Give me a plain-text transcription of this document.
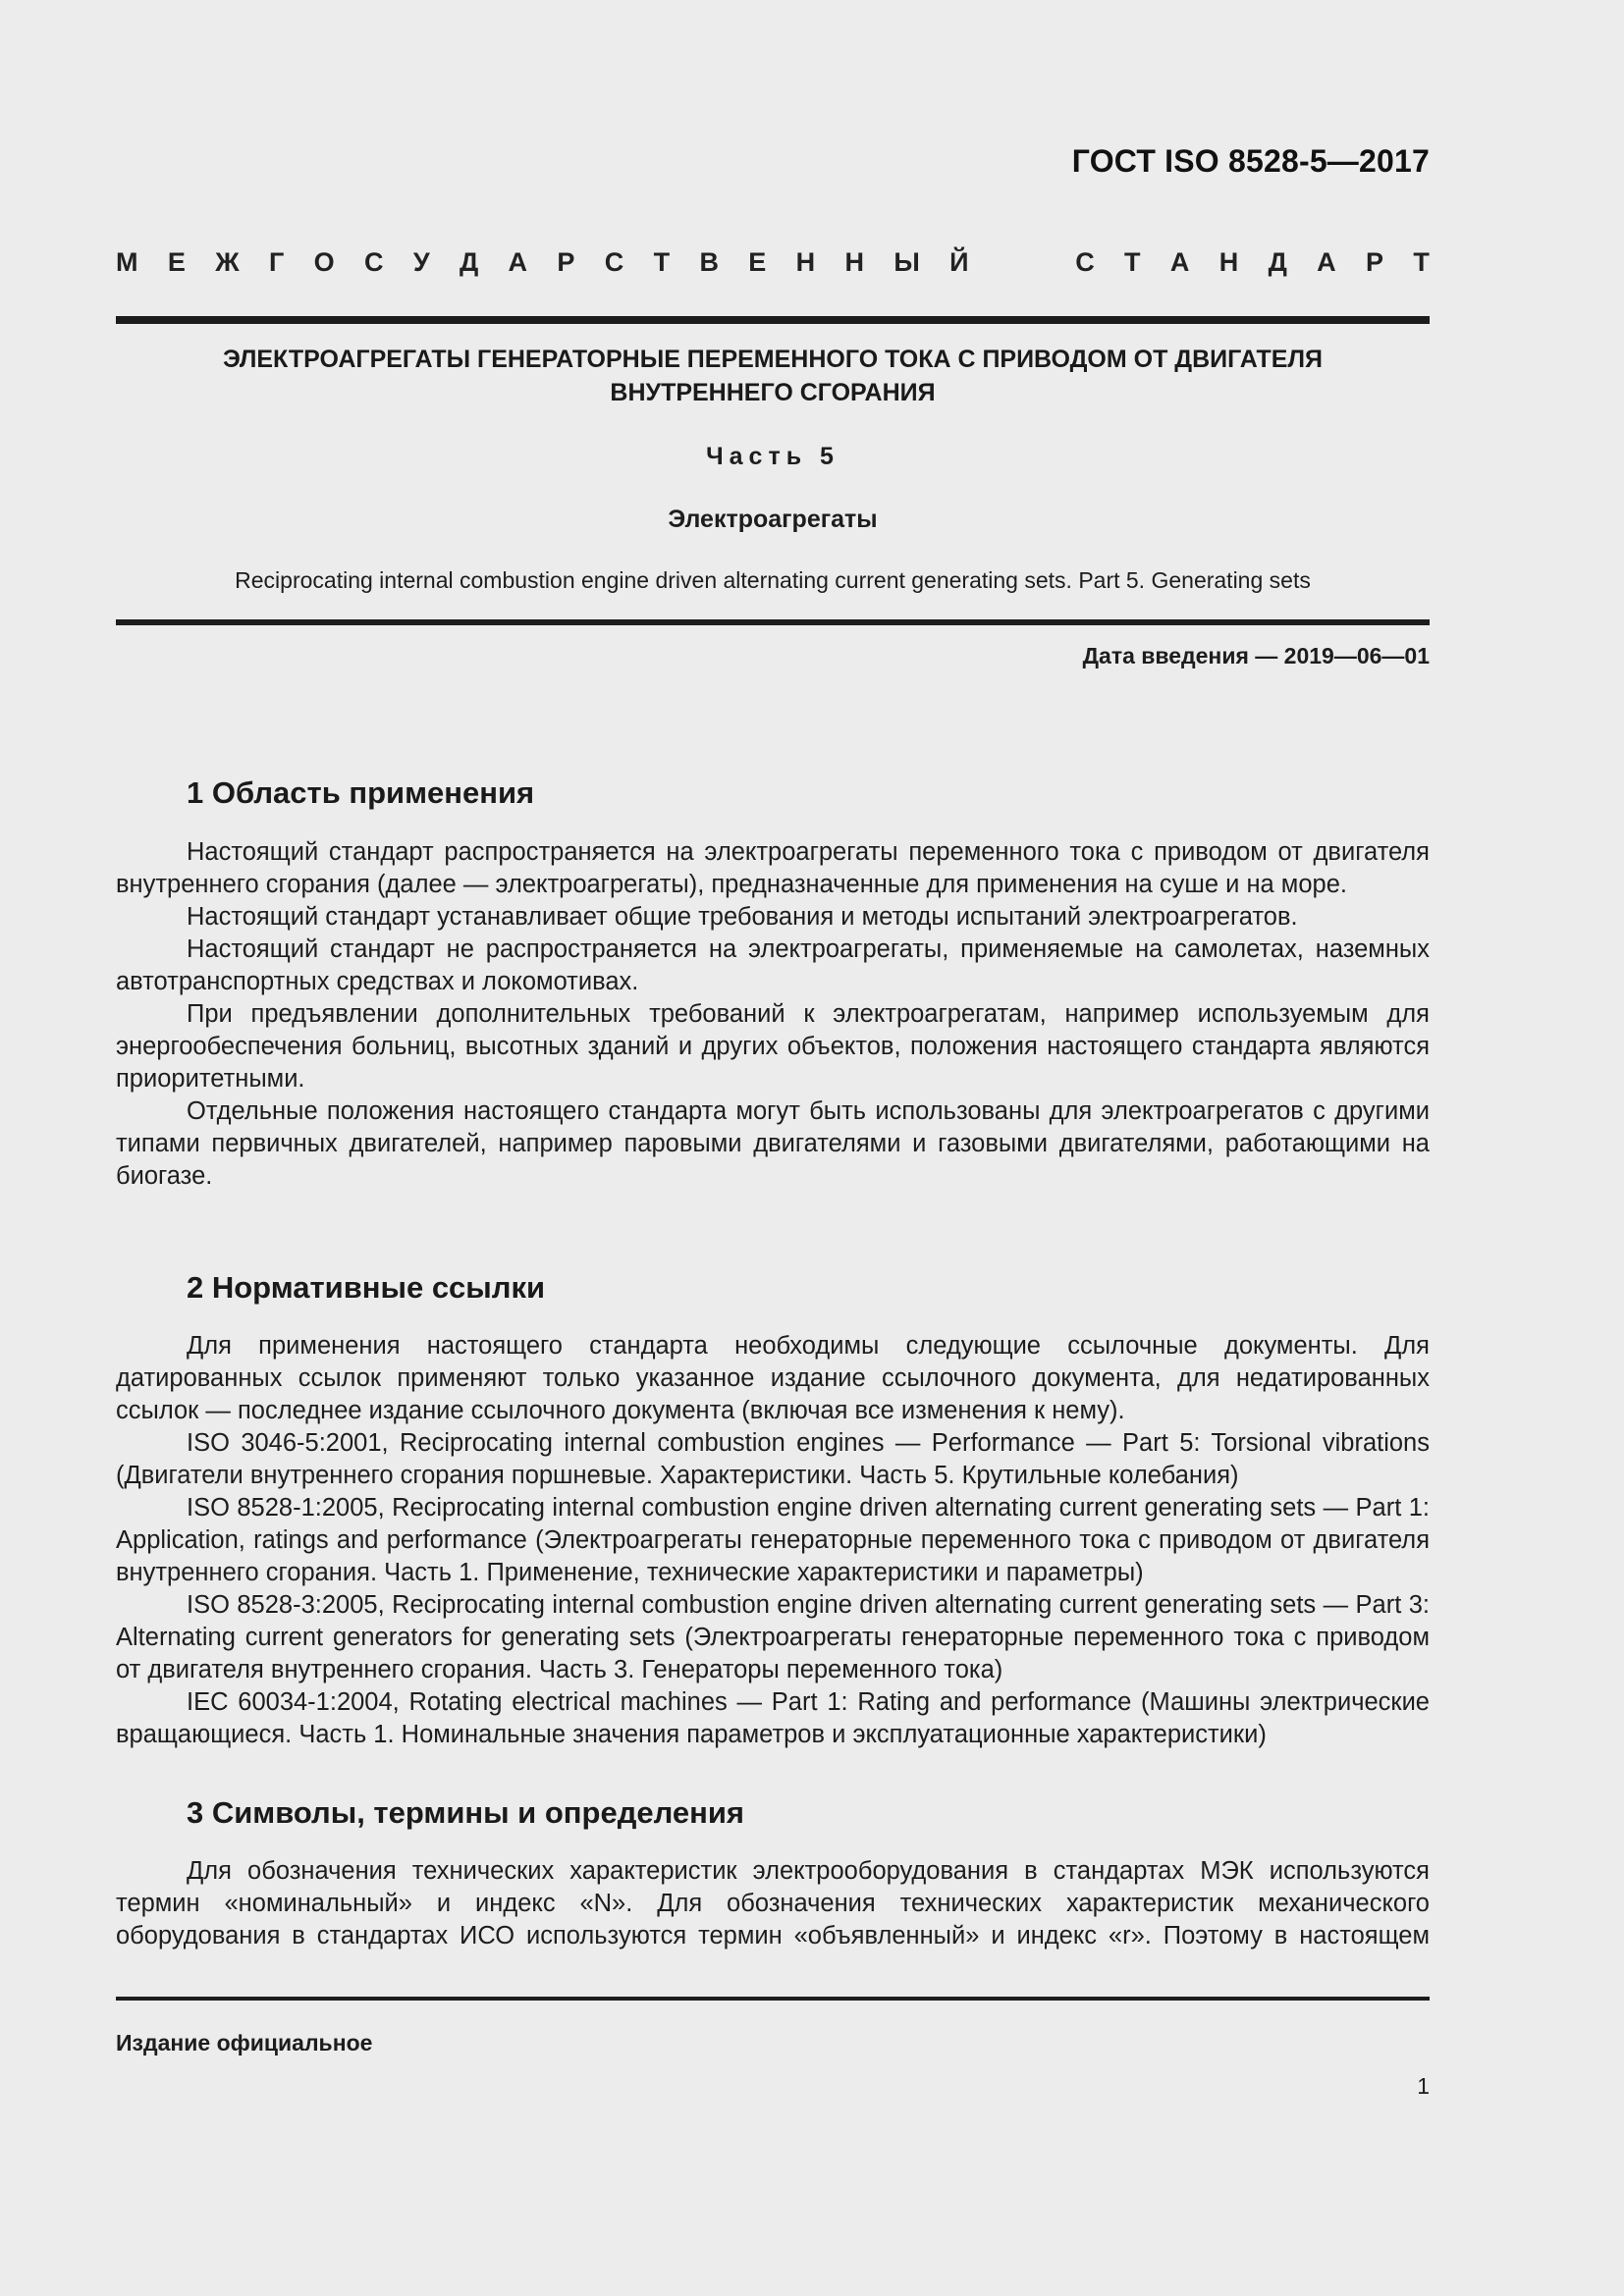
ГОСТ ISO 8528-5—2017
М Е Ж Г О С У Д А Р С Т В Е Н Н Ы Й	С Т А Н Д А Р Т
ЭЛЕКТРОАГРЕГАТЫ ГЕНЕРАТОРНЫЕ ПЕРЕМЕННОГО ТОКА С ПРИВОДОМ ОТ ДВИГАТЕЛЯ
ВНУТРЕННЕГО СГОРАНИЯ
Часть 5
Электроагрегаты
Reciprocating internal combustion engine driven alternating current generating sets. Part 5. Generating sets
Дата введения — 2019—06—01
1 Область применения

Настоящий стандарт распространяется на электроагрегаты переменного тока с приводом от двигателя внутреннего сгорания (далее — электроагрегаты), предназначенные для применения на суше и на море.

Настоящий стандарт устанавливает общие требования и методы испытаний электроагрегатов.

Настоящий стандарт не распространяется на электроагрегаты, применяемые на самолетах, наземных автотранспортных средствах и локомотивах.

При предъявлении дополнительных требований к электроагрегатам, например используемым для энергообеспечения больниц, высотных зданий и других объектов, положения настоящего стандарта являются приоритетными.

Отдельные положения настоящего стандарта могут быть использованы для электроагрегатов с другими типами первичных двигателей, например паровыми двигателями и газовыми двигателями, работающими на биогазе.

2 Нормативные ссылки

Для применения настоящего стандарта необходимы следующие ссылочные документы. Для датированных ссылок применяют только указанное издание ссылочного документа, для недатированных ссылок — последнее издание ссылочного документа (включая все изменения к нему).

ISO 3046-5:2001, Reciprocating internal combustion engines — Performance — Part 5: Torsional vibrations (Двигатели внутреннего сгорания поршневые. Характеристики. Часть 5. Крутильные колебания)

ISO 8528-1:2005, Reciprocating internal combustion engine driven alternating current generating sets — Part 1: Application, ratings and performance (Электроагрегаты генераторные переменного тока с приводом от двигателя внутреннего сгорания. Часть 1. Применение, технические характеристики и параметры)

ISO 8528-3:2005, Reciprocating internal combustion engine driven alternating current generating sets — Part 3: Alternating current generators for generating sets (Электроагрегаты генераторные переменного тока с приводом от двигателя внутреннего сгорания. Часть 3. Генераторы переменного тока)

IEC 60034-1:2004, Rotating electrical machines — Part 1: Rating and performance (Машины электрические вращающиеся. Часть 1. Номинальные значения параметров и эксплуатационные характеристики)

3 Символы, термины и определения

Для обозначения технических характеристик электрооборудования в стандартах МЭК используются термин «номинальный» и индекс «N». Для обозначения технических характеристик механического оборудования в стандартах ИСО используются термин «объявленный» и индекс «r». Поэтому в настоящем

Издание официальное
1
